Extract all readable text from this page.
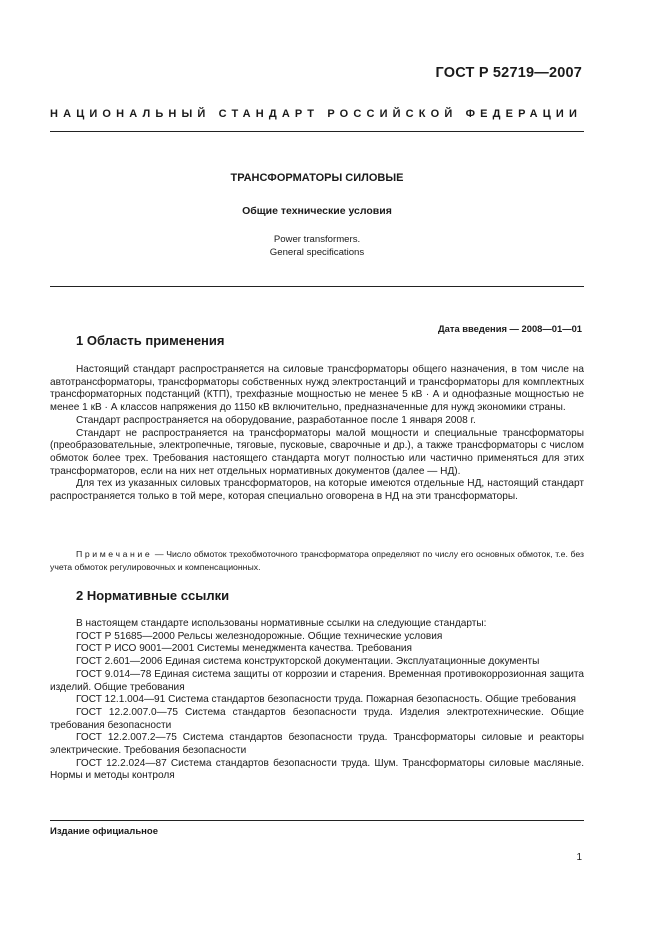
ГОСТ Р 52719—2007
НАЦИОНАЛЬНЫЙ СТАНДАРТ РОССИЙСКОЙ ФЕДЕРАЦИИ
ТРАНСФОРМАТОРЫ СИЛОВЫЕ
Общие технические условия
Power transformers.
General specifications
Дата введения — 2008—01—01
1 Область применения

Настоящий стандарт распространяется на силовые трансформаторы общего назначения, в том числе на автотрансформаторы, трансформаторы собственных нужд электростанций и трансформаторы для комплектных трансформаторных подстанций (КТП), трехфазные мощностью не менее 5 кВ · А и однофазные мощностью не менее 1 кВ · А классов напряжения до 1150 кВ включительно, предназначенные для нужд экономики страны.

Стандарт распространяется на оборудование, разработанное после 1 января 2008 г.

Стандарт не распространяется на трансформаторы малой мощности и специальные трансформаторы (преобразовательные, электропечные, тяговые, пусковые, сварочные и др.), а также трансформаторы с числом обмоток более трех. Требования настоящего стандарта могут полностью или частично применяться для этих трансформаторов, если на них нет отдельных нормативных документов (далее — НД).

Для тех из указанных силовых трансформаторов, на которые имеются отдельные НД, настоящий стандарт распространяется только в той мере, которая специально оговорена в НД на эти трансформаторы.

Примечание — Число обмоток трехобмоточного трансформатора определяют по числу его основных обмоток, т.е. без учета обмоток регулировочных и компенсационных.

2 Нормативные ссылки

В настоящем стандарте использованы нормативные ссылки на следующие стандарты:

ГОСТ Р 51685—2000 Рельсы железнодорожные. Общие технические условия

ГОСТ Р ИСО 9001—2001 Системы менеджмента качества. Требования

ГОСТ 2.601—2006 Единая система конструкторской документации. Эксплуатационные документы

ГОСТ 9.014—78 Единая система защиты от коррозии и старения. Временная противокоррозионная защита изделий. Общие требования

ГОСТ 12.1.004—91 Система стандартов безопасности труда. Пожарная безопасность. Общие требования

ГОСТ 12.2.007.0—75 Система стандартов безопасности труда. Изделия электротехнические. Общие требования безопасности

ГОСТ 12.2.007.2—75 Система стандартов безопасности труда. Трансформаторы силовые и реакторы электрические. Требования безопасности

ГОСТ 12.2.024—87 Система стандартов безопасности труда. Шум. Трансформаторы силовые масляные. Нормы и методы контроля

Издание официальное
1
